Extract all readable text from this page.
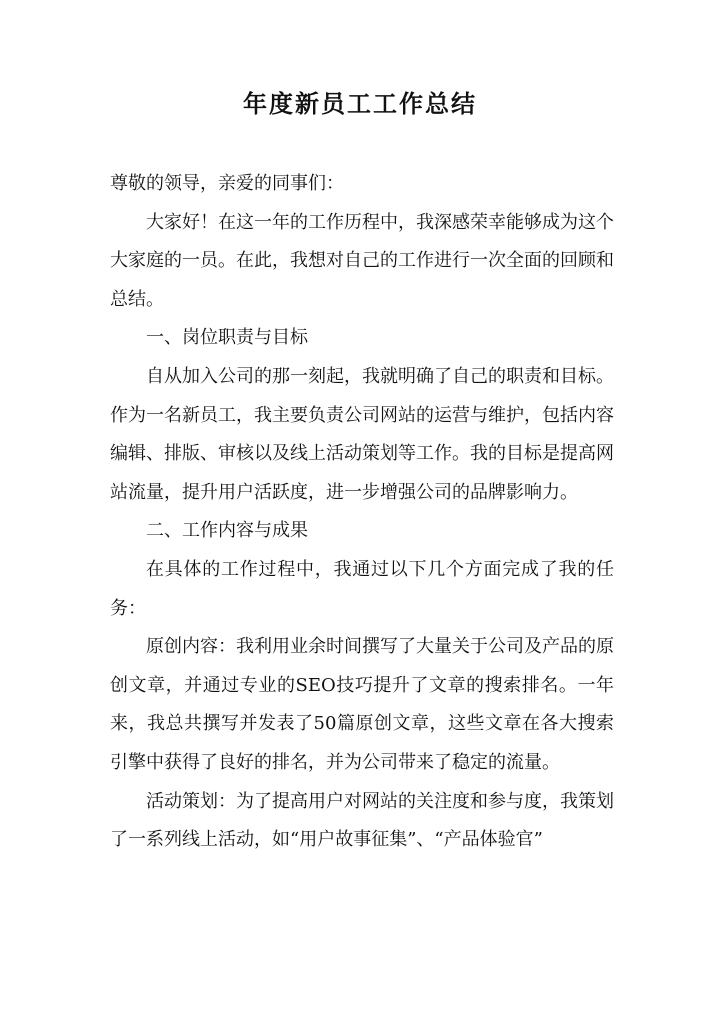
年度新员工工作总结

尊敬的领导，亲爱的同事们：

大家好！在这一年的工作历程中，我深感荣幸能够成为这个大家庭的一员。在此，我想对自己的工作进行一次全面的回顾和总结。

一、岗位职责与目标

自从加入公司的那一刻起，我就明确了自己的职责和目标。作为一名新员工，我主要负责公司网站的运营与维护，包括内容编辑、排版、审核以及线上活动策划等工作。我的目标是提高网站流量，提升用户活跃度，进一步增强公司的品牌影响力。

二、工作内容与成果

在具体的工作过程中，我通过以下几个方面完成了我的任务：

原创内容：我利用业余时间撰写了大量关于公司及产品的原创文章，并通过专业的SEO技巧提升了文章的搜索排名。一年来，我总共撰写并发表了50篇原创文章，这些文章在各大搜索引擎中获得了良好的排名，并为公司带来了稳定的流量。

活动策划：为了提高用户对网站的关注度和参与度，我策划了一系列线上活动，如“用户故事征集”、“产品体验官”
